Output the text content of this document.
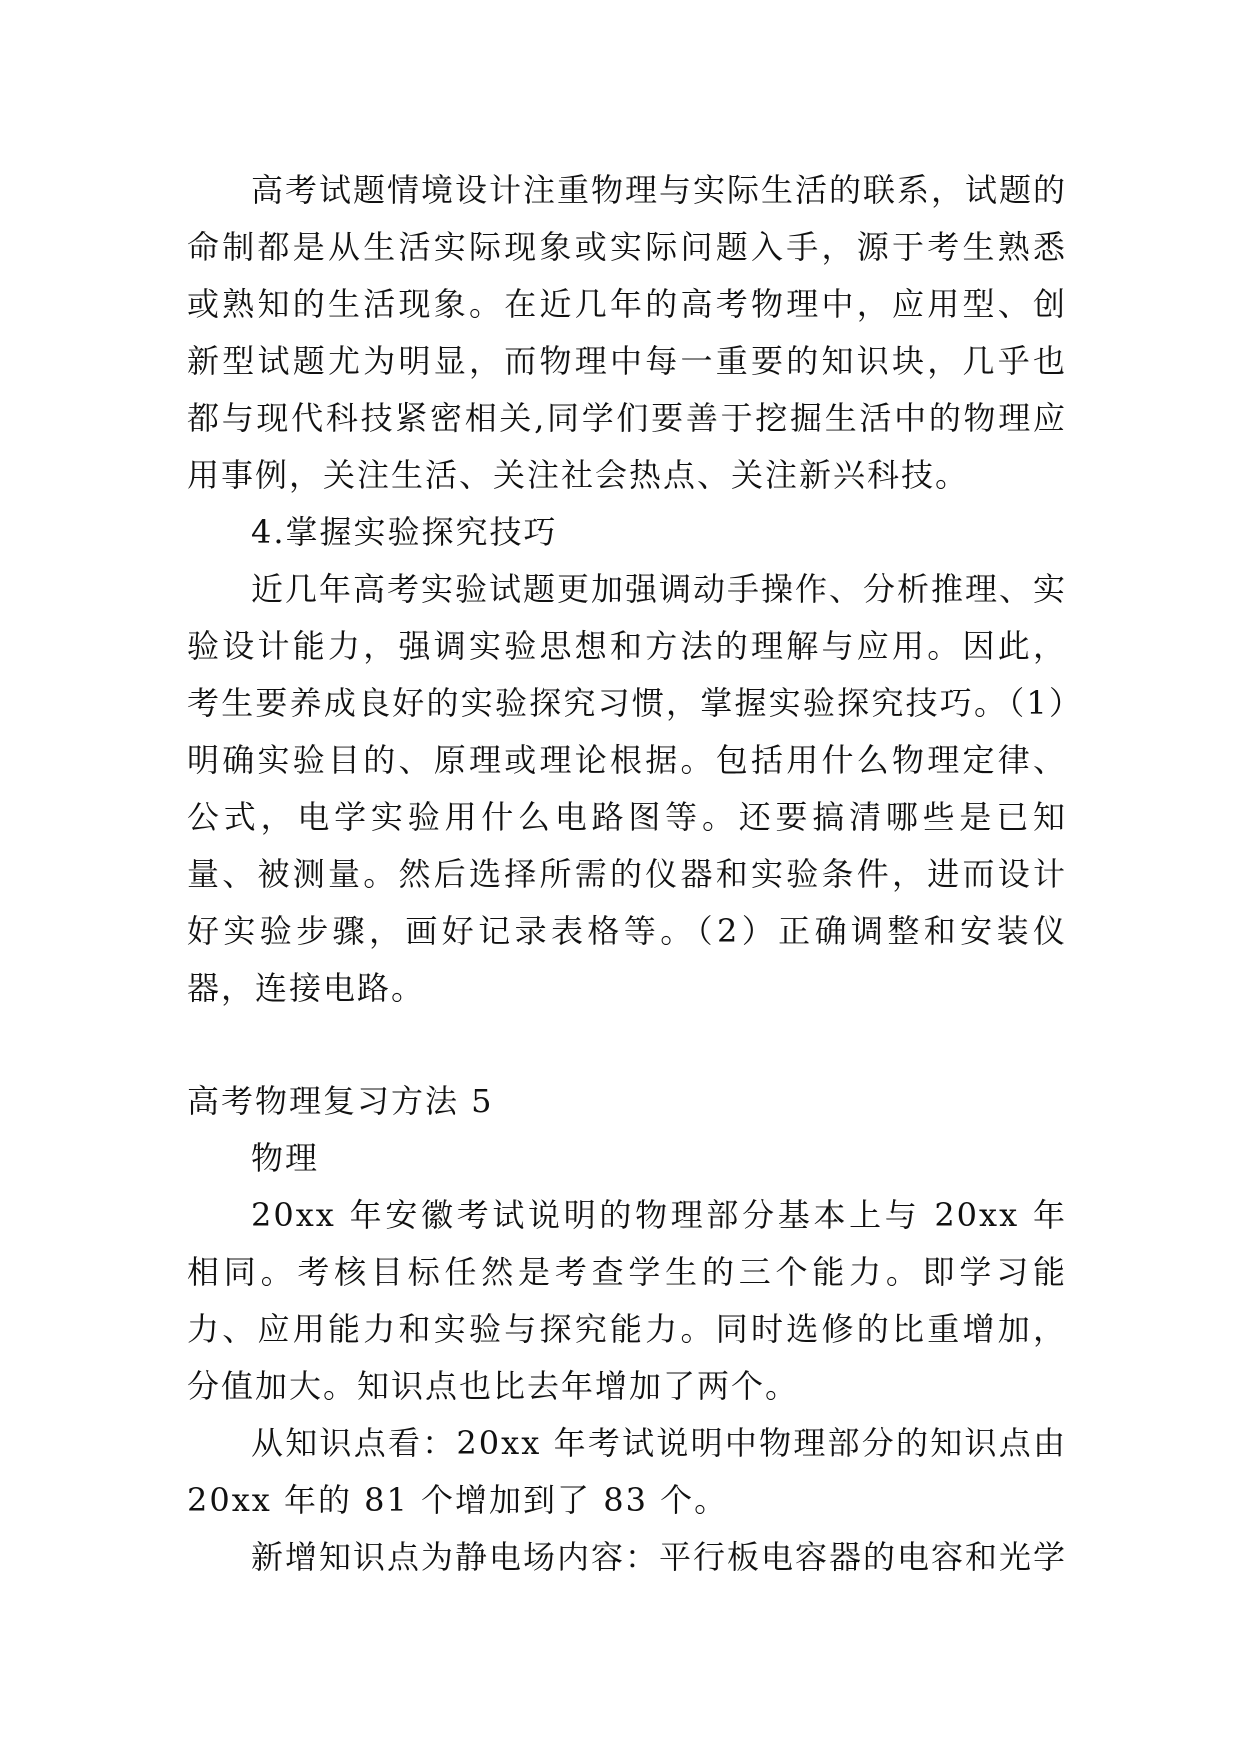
高考试题情境设计注重物理与实际生活的联系，试题的命制都是从生活实际现象或实际问题入手，源于考生熟悉或熟知的生活现象。在近几年的高考物理中，应用型、创新型试题尤为明显，而物理中每一重要的知识块，几乎也都与现代科技紧密相关,同学们要善于挖掘生活中的物理应用事例，关注生活、关注社会热点、关注新兴科技。

4.掌握实验探究技巧

近几年高考实验试题更加强调动手操作、分析推理、实验设计能力，强调实验思想和方法的理解与应用。因此，考生要养成良好的实验探究习惯，掌握实验探究技巧。（1）明确实验目的、原理或理论根据。包括用什么物理定律、公式，电学实验用什么电路图等。还要搞清哪些是已知量、被测量。然后选择所需的仪器和实验条件，进而设计好实验步骤，画好记录表格等。（2）正确调整和安装仪器，连接电路。

高考物理复习方法 5

物理

20xx 年安徽考试说明的物理部分基本上与 20xx 年相同。考核目标任然是考查学生的三个能力。即学习能力、应用能力和实验与探究能力。同时选修的比重增加，分值加大。知识点也比去年增加了两个。

从知识点看：20xx 年考试说明中物理部分的知识点由 20xx 年的 81 个增加到了 83 个。

新增知识点为静电场内容：平行板电容器的电容和光学
